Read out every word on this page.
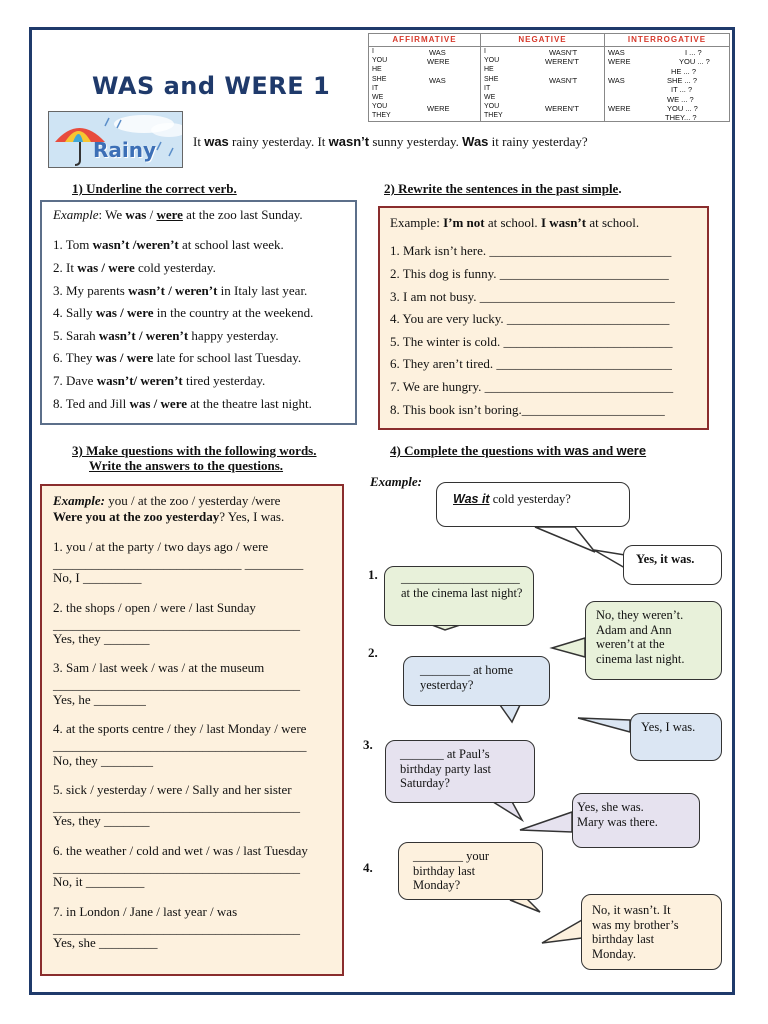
WAS and WERE 1
AFFIRMATIVE
I
YOU
HE
SHE
IT
WE
YOU
THEY
WAS
WERE
WAS
WERE
NEGATIVE
I
YOU
HE
SHE
IT
WE
YOU
THEY
WASN'T
WEREN'T
WASN'T
WEREN'T
INTERROGATIVE
WAS
WERE
WAS
WERE
I ... ?
YOU ... ?
HE ... ?
SHE ... ?
IT ... ?
WE ... ?
YOU ... ?
THEY... ?
Rainy	It was rainy yesterday. It wasn’t sunny yesterday. Was it rainy yesterday?
1) Underline the correct verb.
Example: We was / were at the zoo last Sunday.
1. Tom wasn’t /weren’t at school last week.
2. It was / were cold yesterday.
3. My parents wasn’t / weren’t in Italy last year.
4. Sally was / were in the country at the weekend.
5. Sarah wasn’t / weren’t happy yesterday.
6. They was / were late for school last Tuesday.
7. Dave wasn’t/ weren’t tired yesterday.
8. Ted and Jill was / were at the theatre last night.
2) Rewrite the sentences in the past simple.
Example: I’m not at school. I wasn’t at school.
1. Mark isn’t here. ____________________________
2. This dog is funny. __________________________
3. I am not busy. ______________________________
4. You are very lucky. _________________________
5. The winter is cold. __________________________
6. They aren’t tired. ___________________________
7. We are hungry. _____________________________
8. This book isn’t boring.______________________
3) Make questions with the following words.
Write the answers to the questions.
Example: you / at the zoo / yesterday /were
Were you at the zoo yesterday? Yes, I was.
1. you / at the party / two days ago / were
_____________________________ _________
No, I _________
2. the shops / open / were / last Sunday
______________________________________
Yes, they _______
3. Sam / last week / was / at the museum
______________________________________
Yes, he ________
4. at the sports centre / they / last Monday / were
_______________________________________
No, they ________
5. sick / yesterday / were / Sally and her sister
______________________________________
Yes, they _______
6. the weather / cold and wet / was / last Tuesday
______________________________________
No, it _________
7. in London / Jane / last year / was
______________________________________
Yes, she _________
4) Complete the questions with was and were
Example:
Was it cold yesterday?
Yes, it was.
1. ___________________
at the cinema last night?
No, they weren’t.
Adam and Ann
weren’t at the
cinema last night.
2.
________ at home
yesterday?
Yes, I was.
3.
_______ at Paul’s
birthday party last
Saturday?
Yes, she was.
Mary was there.
4.
________ your
birthday last
Monday?
No, it wasn’t. It
was my brother’s
birthday last
Monday.
